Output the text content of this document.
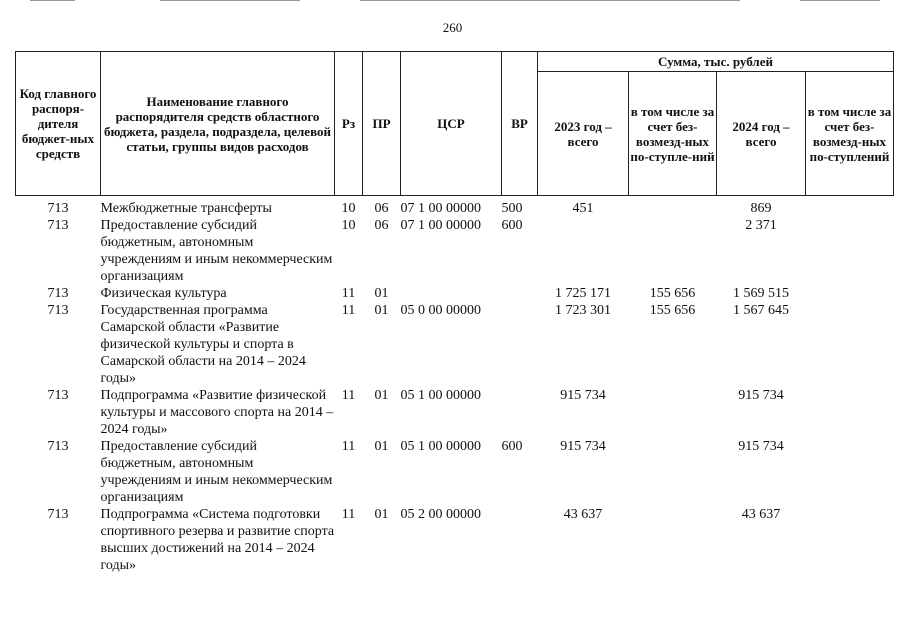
260
Код главного распоря-дителя бюджет-ных средств	Наименование главного распорядителя средств областного бюджета, раздела, подраздела, целевой статьи, группы видов расходов	Рз	ПР	ЦСР	ВР	Сумма, тыс. рублей			
						2023 год – всего	в том числе за счет без-возмезд-ных по-ступле-ний	2024 год – всего	в том числе за счет без-возмезд-ных по-ступлений
713	Межбюджетные трансферты	10	06	07 1 00 00000	500	451		869	
713	Предоставление субсидий бюджетным, автономным учреждениям и иным некоммерческим организациям	10	06	07 1 00 00000	600			2 371	
713	Физическая культура	11	01			1 725 171	155 656	1 569 515	
713	Государственная программа Самарской области «Развитие физической культуры и спорта в Самарской области на 2014 – 2024 годы»	11	01	05 0 00 00000		1 723 301	155 656	1 567 645	
713	Подпрограмма «Развитие физической культуры и массового спорта на 2014 – 2024 годы»	11	01	05 1 00 00000		915 734		915 734	
713	Предоставление субсидий бюджетным, автономным учреждениям и иным некоммерческим организациям	11	01	05 1 00 00000	600	915 734		915 734	
713	Подпрограмма «Система подготовки спортивного резерва и развитие спорта высших достижений на 2014 – 2024 годы»	11	01	05 2 00 00000		43 637		43 637	
